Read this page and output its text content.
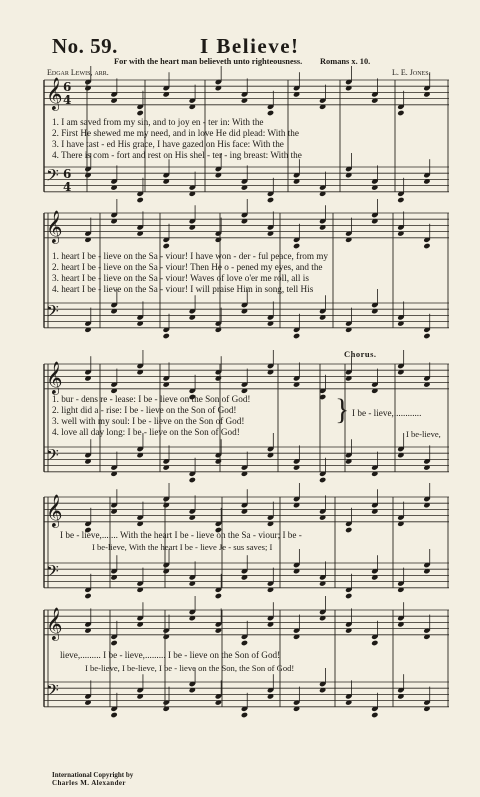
𝄞
𝄢
𝄞
𝄢
𝄞
𝄢
𝄞
𝄢
𝄞
𝄢
6
4
6
4
No. 59.	I Believe!
For with the heart man believeth unto righteousness. Romans x. 10.
Edgar Lewis, arr.	L. E. Jones.
1. I am saved from my sin, and to joy en - ter in: With the
2. First He shewed me my need, and in love He did plead: With the
3. I have tast - ed His grace, I have gazed on His face: With the
4. There is com - fort and rest on His shel - ter - ing breast: With the
1. heart I be - lieve on the Sa - viour! I have won - der - ful peace, from my
2. heart I be - lieve on the Sa - viour! Then He o - pened my eyes, and the
3. heart I be - lieve on the Sa - viour! Waves of love o'er me roll, all is
4. heart I be - lieve on the Sa - viour! I will praise Him in song, tell His
Chorus.
1. bur - dens re - lease: I be - lieve on the Son of God!
2. light did a - rise: I be - lieve on the Son of God!
3. well with my soul: I be - lieve on the Son of God!
4. love all day long: I be - lieve on the Son of God!
} I be - lieve,............
I be-lieve,
I be - lieve,....... With the heart I be - lieve on the Sa - viour; I be -
I be-lieve, With the heart I be - lieve Je - sus saves; I
lieve,......... I be - lieve,......... I be - lieve on the Son of God!
I be-lieve, I be-lieve, I be - lieve on the Son, the Son of God!
International Copyright by
Charles M. Alexander
